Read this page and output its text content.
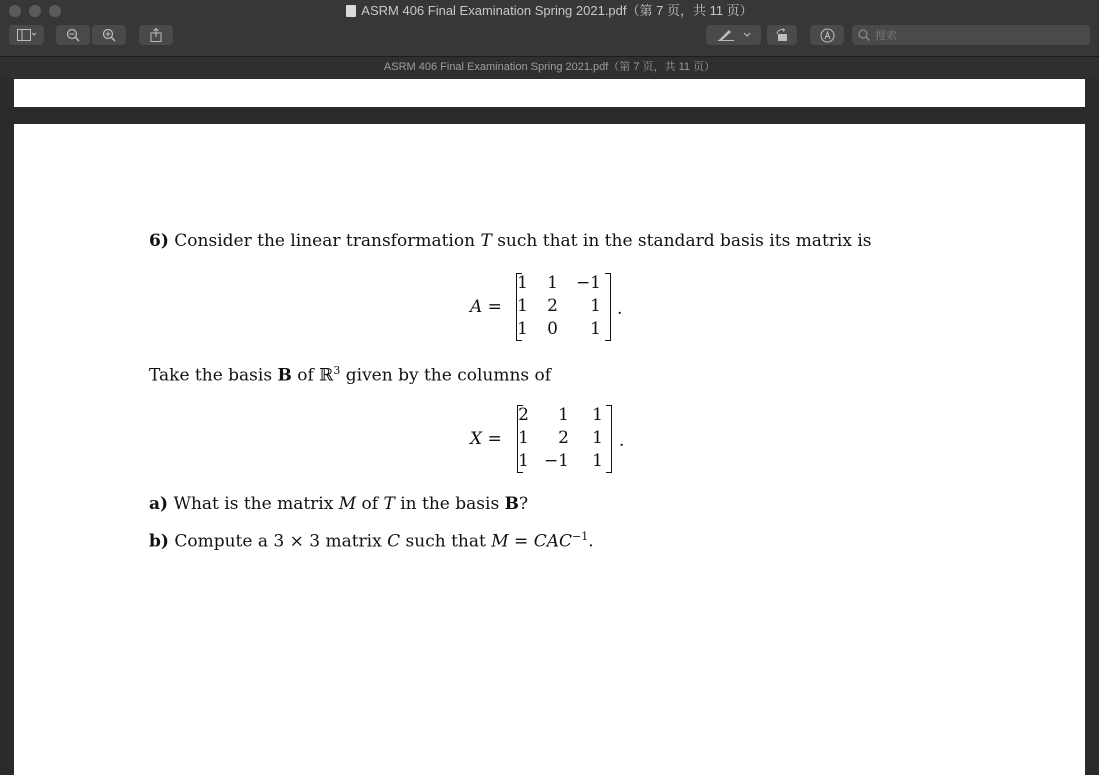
ASRM 406 Final Examination Spring 2021.pdf（第 7 页，共 11 页）
搜索
ASRM 406 Final Examination Spring 2021.pdf（第 7 页，共 11 页）
6) Consider the linear transformation T such that in the standard basis its matrix is
A =
1	1 −1
1	2	1
1	0	1
.
Take the basis B of ℝ$^3$ given by the columns of
X =
2	1	1
1	2	1
1 −1	1
.
a) What is the matrix M of T in the basis B?
b) Compute a 3 × 3 matrix C such that $M = CAC^{-1}$.
